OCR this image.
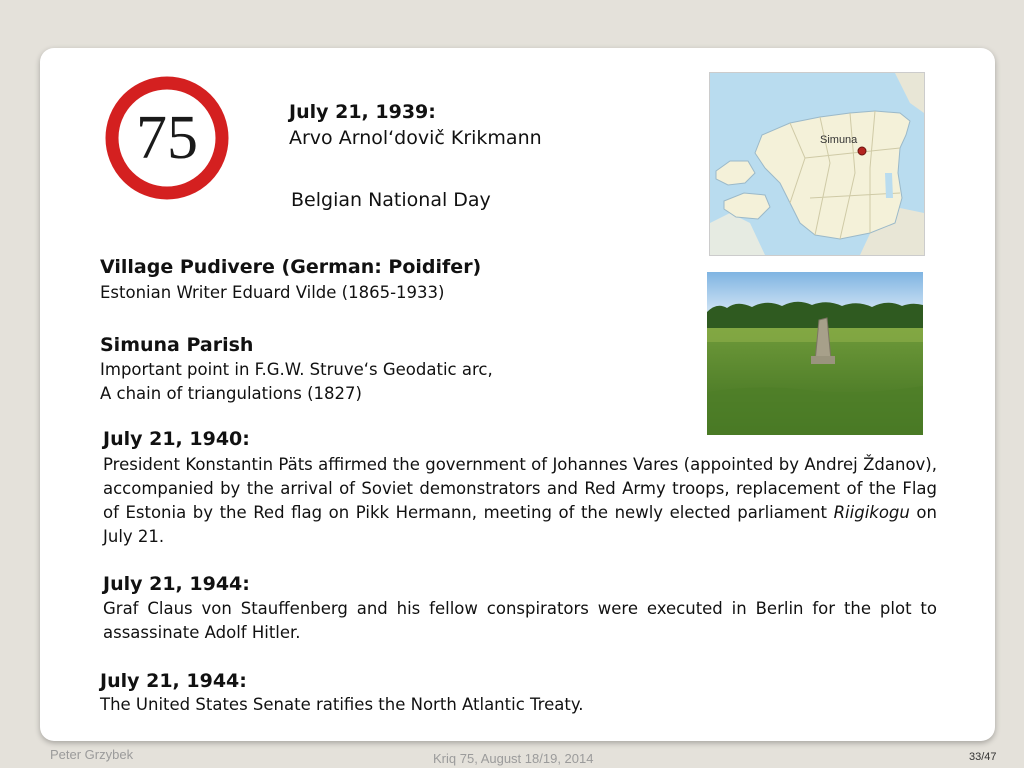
75	July 21, 1939:
Arvo Arnol‘dovič Krikmann
Belgian National Day
Simuna
Village Pudivere (German: Poidifer)
Estonian Writer Eduard Vilde (1865-1933)
Simuna Parish
Important point in F.G.W. Struve‘s Geodatic arc,
A chain of triangulations (1827)
July 21, 1940:
President Konstantin Päts affirmed the government of Johannes Vares (appointed by Andrej Ždanov), accompanied by the arrival of Soviet demonstrators and Red Army troops, replacement of the Flag of Estonia by the Red flag on Pikk Hermann, meeting of the newly elected parliament Riigikogu on July 21.
July 21, 1944:
Graf Claus von Stauffenberg and his fellow conspirators were executed in Berlin for the plot to assassinate Adolf Hitler.
July 21, 1944:
The United States Senate ratifies the North Atlantic Treaty.
Peter Grzybek	Kriq 75, August 18/19, 2014	33/47
